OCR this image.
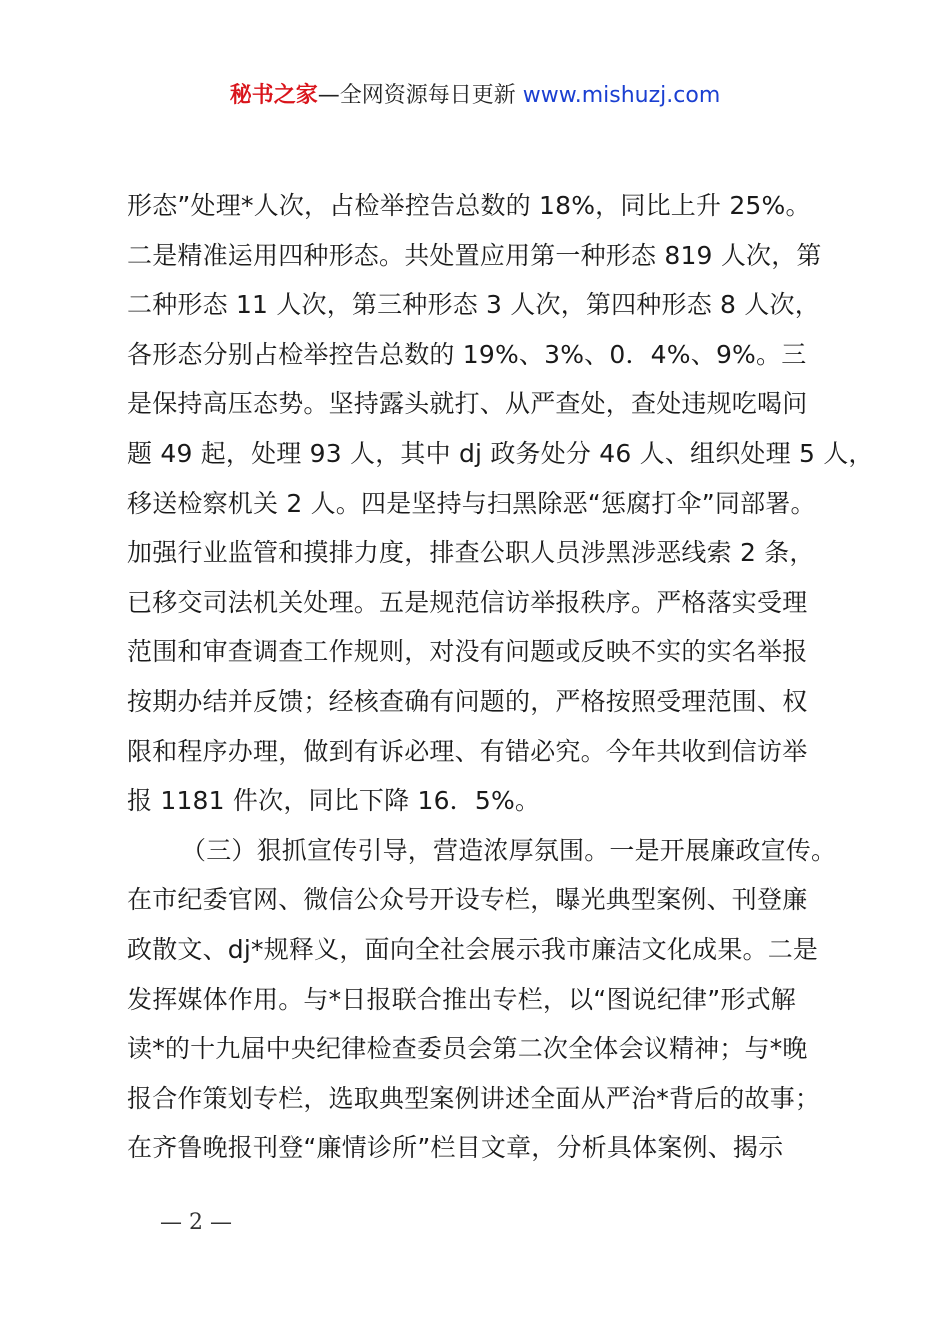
秘书之家—全网资源每日更新 www.mishuzj.com
形态”处理*人次，占检举控告总数的 18%，同比上升 25%。
二是精准运用四种形态。共处置应用第一种形态 819 人次，第
二种形态 11 人次，第三种形态 3 人次，第四种形态 8 人次，
各形态分别占检举控告总数的 19%、3%、0．4%、9%。三
是保持高压态势。坚持露头就打、从严查处，查处违规吃喝问
题 49 起，处理 93 人，其中 dj 政务处分 46 人、组织处理 5 人，
移送检察机关 2 人。四是坚持与扫黑除恶“惩腐打伞”同部署。
加强行业监管和摸排力度，排查公职人员涉黑涉恶线索 2 条，
已移交司法机关处理。五是规范信访举报秩序。严格落实受理
范围和审查调查工作规则，对没有问题或反映不实的实名举报
按期办结并反馈；经核查确有问题的，严格按照受理范围、权
限和程序办理，做到有诉必理、有错必究。今年共收到信访举
报 1181 件次，同比下降 16．5%。
（三）狠抓宣传引导，营造浓厚氛围。一是开展廉政宣传。
在市纪委官网、微信公众号开设专栏，曝光典型案例、刊登廉
政散文、dj*规释义，面向全社会展示我市廉洁文化成果。二是
发挥媒体作用。与*日报联合推出专栏，以“图说纪律”形式解
读*的十九届中央纪律检查委员会第二次全体会议精神；与*晚
报合作策划专栏，选取典型案例讲述全面从严治*背后的故事；
在齐鲁晚报刊登“廉情诊所”栏目文章，分析具体案例、揭示
— 2 —
